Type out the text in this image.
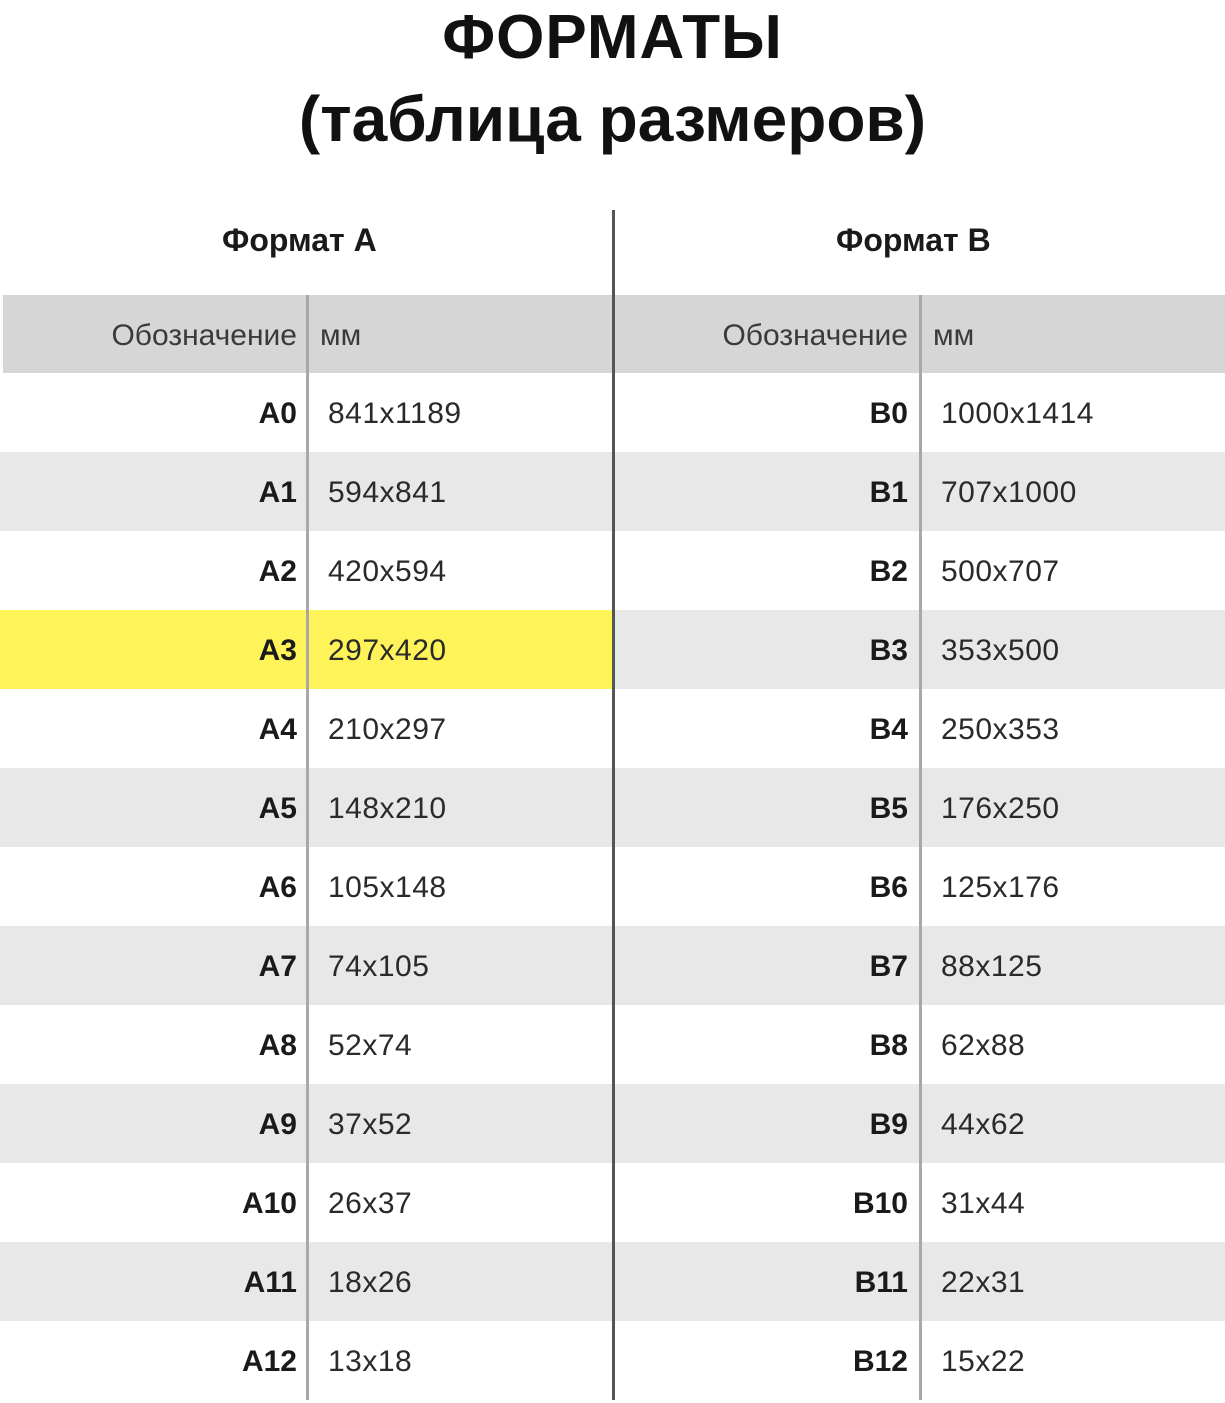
ФОРМАТЫ
(таблица размеров)
Формат А
Обозначение мм
A0 841x1189
A1 594x841
A2 420x594
A3 297x420
A4 210x297
A5 148x210
A6 105x148
A7 74x105
A8 52x74
A9 37x52
A10 26x37
A11 18x26
A12 13x18
Формат В
Обозначение мм
B0 1000x1414
B1 707x1000
B2 500x707
B3 353x500
B4 250x353
B5 176x250
B6 125x176
B7 88x125
B8 62x88
B9 44x62
B10 31x44
B11 22x31
B12 15x22
